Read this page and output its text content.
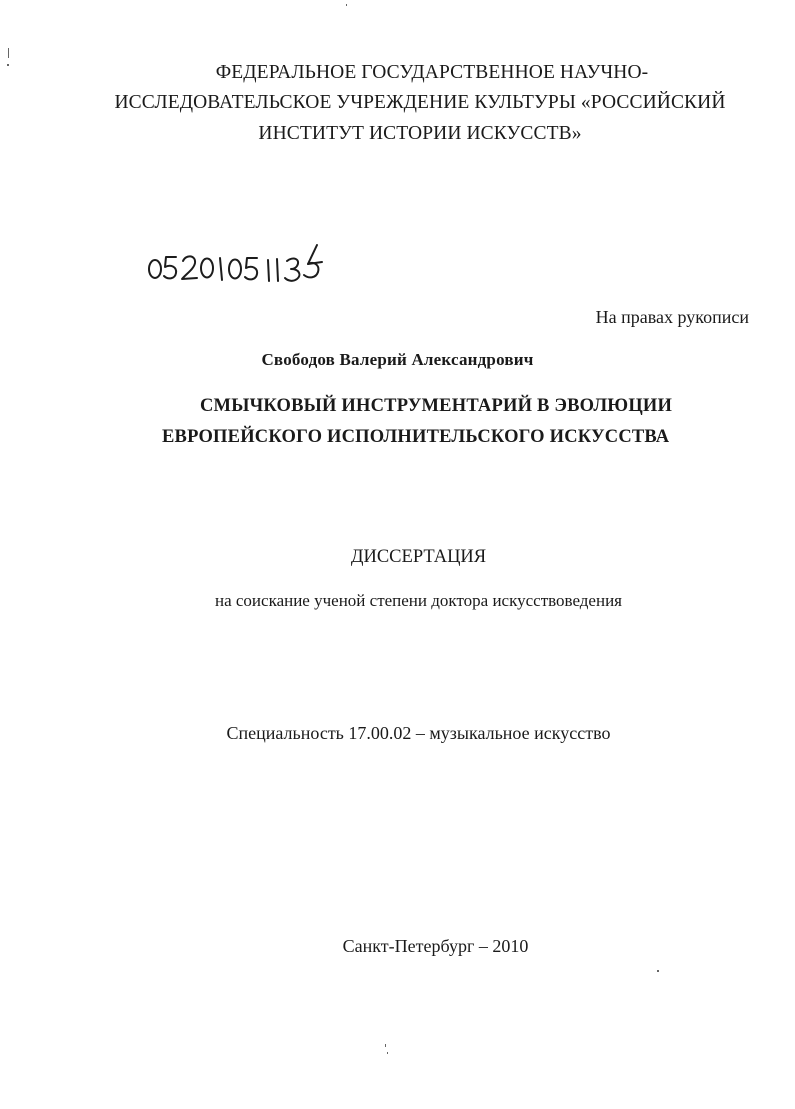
ФЕДЕРАЛЬНОЕ ГОСУДАРСТВЕННОЕ НАУЧНО-
ИССЛЕДОВАТЕЛЬСКОЕ УЧРЕЖДЕНИЕ КУЛЬТУРЫ «РОССИЙСКИЙ
ИНСТИТУТ ИСТОРИИ ИСКУССТВ»
На правах рукописи
Свободов Валерий Александрович
СМЫЧКОВЫЙ ИНСТРУМЕНТАРИЙ В ЭВОЛЮЦИИ
ЕВРОПЕЙСКОГО ИСПОЛНИТЕЛЬСКОГО ИСКУССТВА
ДИССЕРТАЦИЯ
на соискание ученой степени доктора искусствоведения
Специальность 17.00.02 – музыкальное искусство
Санкт-Петербург – 2010
